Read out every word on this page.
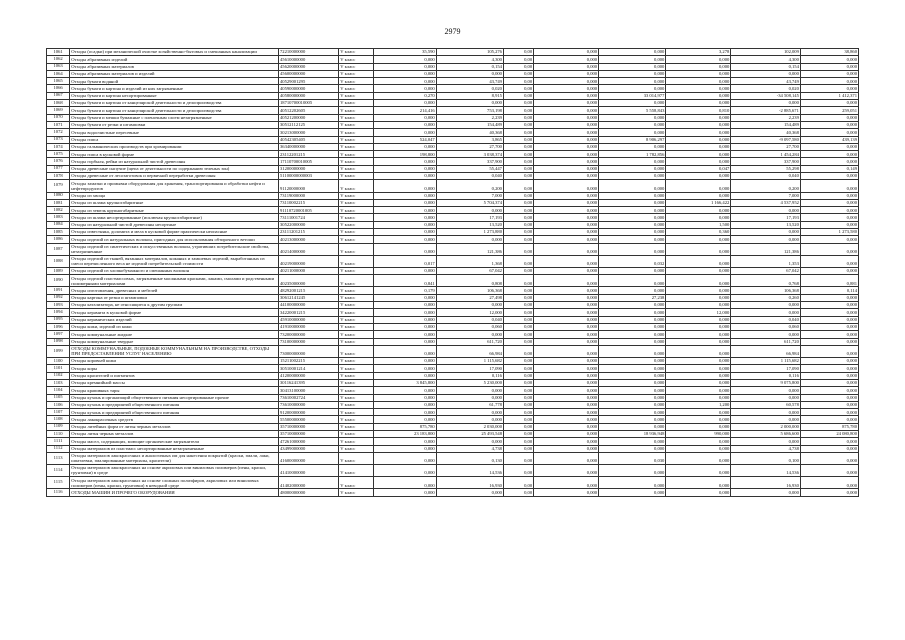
2979
1061	Отходы (осадки) при механической очистке хозяйственно-бытовых и смешанных канализации	72210000000	V класс	35,590	105,276	0,00	0,000	0,000	3,278	102,009	38,860
1062	Отходы абразивных изделий	45610000000	V класс	0,000	4,300	0,00	0,000	0,000	0,000	4,300	0,000
1063	Отходы абразивных материалов	45620000000	V класс	0,000	0,154	0,00	0,000	0,000	0,000	0,154	0,000
1064	Отходы абразивных материалов и изделий	45600000000	V класс	0,000	0,000	0,00	0,000	0,000	0,000	0,000	0,000
1065	Отходы бумаги водяной	40529001295	V класс	0,000	43,749	0,00	0,000	0,000	0,000	43,749	0,000
1066	Отходы бумаги и картона и изделий из них загрязненные	40590000000	V класс	0,000	0,020	0,00	0,000	0,000	0,000	0,020	0,000
1067	Отходы бумаги и картона несортированные	40580000000	V класс	0,270	8,915	0,00	0,000	33 014,977	0,000	-34 508,145	1 412,371
1068	Отходы бумаги и картона от канцелярской деятельности и делопроизводства	18710700010005	V класс	0,000	0,000	0,00	0,000	0,000	0,000	0,000	0,000
1069	Отходы бумаги и картона от канцелярской деятельности и делопроизводства	40512202605	V класс	214,416	753,198	0,00	0,000	5 558,843	0,810	-2 885,671	259,051
1070	Отходы бумаги и мешки бумажные с пленочным слоем незагрязненные	40521200000	V класс	0,000	2,239	0,00	0,000	0,000	0,000	2,239	0,000
1071	Отходы бумаги от резки и штамповки	30512112125	V класс	0,000	154,489	0,00	0,000	0,000	0,000	154,489	0,000
1072	Отходы водоочистные пересевные	30213000000	V класс	0,000	40,368	0,00	0,000	0,000	0,000	40,368	0,000
1073	Отходы гипса	40542305405	V класс	524,047	3,865	0,00	0,000	8 906,297	0,000	-9 097,580	439,139
1074	Отходы гальванических производств при хромировании	36340000000	V класс	0,000	27,700	0,00	0,000	0,000	0,000	27,700	0,000
1075	Отходы гипса в кусковой форме	23112201215	V класс	198,800	3 038,374	0,00	0,000	1 782,856	0,000	1 454,284	0,000
1076	Отходы горбыля, рейки из натуральной чистой древесины	17110700010005	V класс	0,000	337,900	0,00	0,000	0,000	0,000	337,900	0,000
1077	Отходы древесные сыпучие (щепа от деятельности по содержанию зеленых зон)	31200000000	V класс	0,000	55,447	0,00	0,000	0,000	0,047	55,298	0,149
1078	Отходы древесные от лесозаготовок и первичной переработки древесины	51100000000003	V класс	0,000	0,040	0,00	0,000	0,000	0,000	0,040	0,000
1079	Отходы замазки и промывки оборудования для хранения, транспортирования и обработки нефти и нефтепродуктов	91120000000	V класс	0,000	0,200	0,00	0,000	0,000	0,000	0,200	0,000
1080	Отходы из хвоща	73119000000	V класс	0,000	7,000	0,00	0,000	0,000	0,000	7,000	0,000
1081	Отходы из шлама крупногабаритные	73110002215	V класс	0,000	5 704,374	0,00	0,000	0,000	1 166,422	4 537,952	0,000
1082	Отходы из земель крупногабаритные	91110720001005	V класс	0,000	0,000	0,00	0,000	0,000	0,000	0,000	0,000
1083	Отходы из шлама несортированные (исключая крупногабаритные)	73111001724	V класс	0,000	17,193	0,00	0,000	0,000	0,000	17,193	0,000
1084	Отходы из натуральной чистой древесины несортные	30522000000	V класс	0,000	13,520	0,00	0,000	0,000	1,500	13,520	0,000
1085	Отходы известняка, доломита и мела в кусковой форме практически неопасные	23111201215	V класс	0,000	1 273,880	0,00	0,000	0,000	0,360	0,000	1 273,580
1086	Отходы изделий из натуральных волокон, пригодных для использования обтирочного ветоши	40213000000	V класс	0,000	0,000	0,00	0,000	0,000	0,000	0,000	0,000
1087	Отходы изделий из синтетических и искусственных волокон, утративших потребительские свойства, незагрязненные	40214000000	V класс	0,000	121,386	0,00	0,000	0,000	0,000	121,386	0,000
1088	Отходы изделий из тканей, вязанных материалов, кожаных и замшевых изделий, выработанных из смеси перечисленного веса не изделий потребительской стоимости	40219000000	V класс	0,017	1,368	0,00	0,000	0,032	0,000	1,353	0,000
1089	Отходы изделий из хлопкобумажного и смешанных волокон	40211000000	V класс	0,000	67,042	0,00	0,000	0,000	0,000	67,042	0,000
1090	Отходы изделий пластмассовых, загрязненные масляными красками, лаками, смолами и родственными полимерными материалами	40235000000	V класс	0,841	0,808	0,00	0,000	0,000	0,000	0,768	0,881
1091	Отходы изготовления, древесных и мебелей	48292001215	V класс	0,179	106,368	0,00	0,000	0,000	0,000	106,368	0,114
1092	Отходы картона от резки и штамповки	30612141245	V класс	0,000	27,498	0,00	0,000	27,238	0,000	0,260	0,000
1093	Отходы катализатора, не относящиеся к другим группам	44100000000	V класс	0,000	0,000	0,00	0,000	0,000	0,000	0,000	0,000
1094	Отходы керамита в кусковой форме	34220001215	V класс	0,000	12,000	0,00	0,000	0,000	12,000	0,000	0,000
1095	Отходы керамических изделий	45910000000	V класс	0,000	0,040	0,00	0,000	0,000	0,000	0,040	0,000
1096	Отходы кожи, изделий из кожи	41910000000	V класс	0,000	0,060	0,00	0,000	0,000	0,000	0,060	0,000
1097	Отходы коммунальные жидкие	73200000000	V класс	0,000	0,000	0,00	0,000	0,000	0,000	0,000	0,000
1098	Отходы коммунальные твердые	73100000000	V класс	0,000	611,720	0,00	0,000	0,000	0,000	611,720	0,000
1099	ОТХОДЫ КОММУНАЛЬНЫЕ, ПОДОБНЫЕ КОММУНАЛЬНЫМ НА ПРОИЗВОДСТВЕ, ОТХОДЫ ПРИ ПРЕДОСТАВЛЕНИИ УСЛУГ НАСЕЛЕНИЮ	73000000000	V класс	0,000	66,984	0,00	0,000	0,000	0,000	66,984	0,000
1100	Отходы коровьей кожи	15211002215	V класс	0,000	1 115,682	0,00	0,000	0,000	0,000	1 115,682	0,000
1101	Отходы коры	30510001214	V класс	0,000	17,090	0,00	0,000	0,000	0,000	17,090	0,000
1102	Отходы красителей и пигментов	41200000000	V класс	0,000	0,116	0,00	0,000	0,000	0,000	0,116	0,000
1103	Отходы кремнийной массы	30116241395	V класс	3 845,800	5 230,000	0,00	0,000	0,000	0,000	9 075,800	0,000
1104	Отходы крапивных тары	30413100000	V класс	0,000	0,000	0,00	0,000	0,000	0,000	0,000	0,000
1105	Отходы кухонь и организаций общественного питания несортированные прочие	73610002724	V класс	0,000	0,000	0,00	0,000	0,000	0,000	0,000	0,000
1106	Отходы кухонь и предприятий общественного питания	73610000000	V класс	0,000	61,778	0,00	0,000	0,000	1,200	60,578	0,000
1107	Отходы кухонь и предприятий общественного питания	91200000000	V класс	0,000	0,000	0,00	0,000	0,000	0,000	0,000	0,000
1108	Отходы лакокрасочных средств	55500000000	V класс	0,000	0,000	0,00	0,000	0,000	0,000	0,000	0,000
1109	Отходы литейных форм от литья черных металлов	35710000000	V класс	875,780	2 030,000	0,00	0,000	0,000	0,000	2 000,000	875,780
1110	Отходы литья черных металлов	35710000000	V класс	23 183,800	25 493,548	0,00	0,000	18 936,948	990,000	5 686,600	24 080,800
1111	Отходы масел, содержащих, моющие органические загрязнители	47261000000	V класс	0,000	0,000	0,00	0,000	0,000	0,000	0,000	0,000
1112	Отходы материалов из пластмасс несортированные незагрязненные	43499000000	V класс	0,000	4,738	0,00	0,000	0,000	0,000	4,738	0,000
1113	Отходы материалов лакокрасочных и аналогичных им для нанесения покрытий (краски, эмали, лаки, шпатлевки, эмалированные материалы, красители)	41600000000	V класс	0,000	0,130	0,00	0,000	0,030	0,000	0,100	0,000
1114	Отходы материалов лакокрасочных на основе акриловых или виниловых полимеров (пены, краски, грунтовки) в среде	41410000000	V класс	0,000	14,536	0,00	0,000	0,000	0,000	14,536	0,000
1115	Отходы материалов лакокрасочных на основе сложных полиэфиров, акриловых или виниловых полимеров (пены, краски, грунтовки) в неводной среде	41402000000	V класс	0,000	16,930	0,00	0,000	0,000	0,000	16,930	0,000
1116	ОТХОДЫ МАШИН И ПРОЧЕГО ОБОРУДОВАНИЯ	48000000000	V класс	0,000	0,000	0,00	0,000	0,000	0,000	0,000	0,000
